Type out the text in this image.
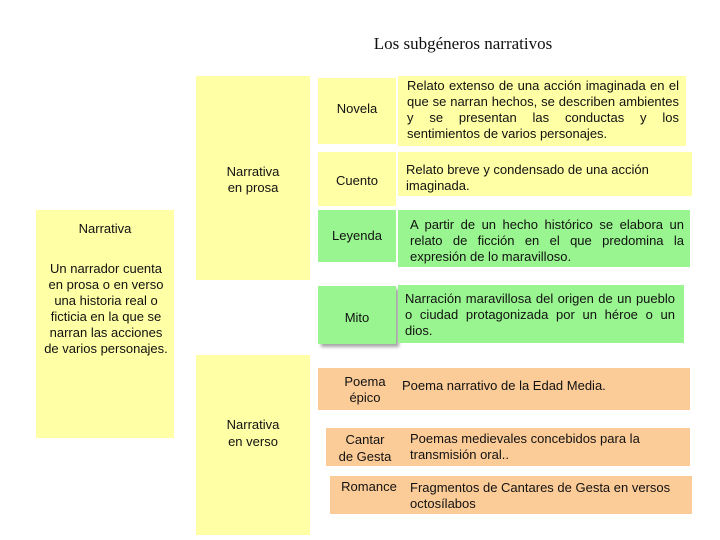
Los subgéneros narrativos
Narrativa
Un narrador cuenta en prosa o en verso una historia real o ficticia en la que se narran las acciones de varios personajes.
Narrativa
en prosa
Narrativa
en verso
Novela
Relato extenso de una acción imaginada en el que se narran hechos, se describen ambientes y se presentan las conductas y los sentimientos de varios personajes.
Cuento
Relato breve y condensado de una acción imaginada.
Leyenda
A partir de un hecho histórico se elabora un relato de ficción en el que predomina la expresión de lo maravilloso.
Mito
Narración maravillosa del origen de un pueblo o ciudad protagonizada por un héroe o un dios.
Poema
épico
Poema narrativo de la Edad Media.
Cantar
de Gesta
Poemas medievales concebidos para la transmisión oral..
Romance	Fragmentos de Cantares de Gesta en versos octosílabos
